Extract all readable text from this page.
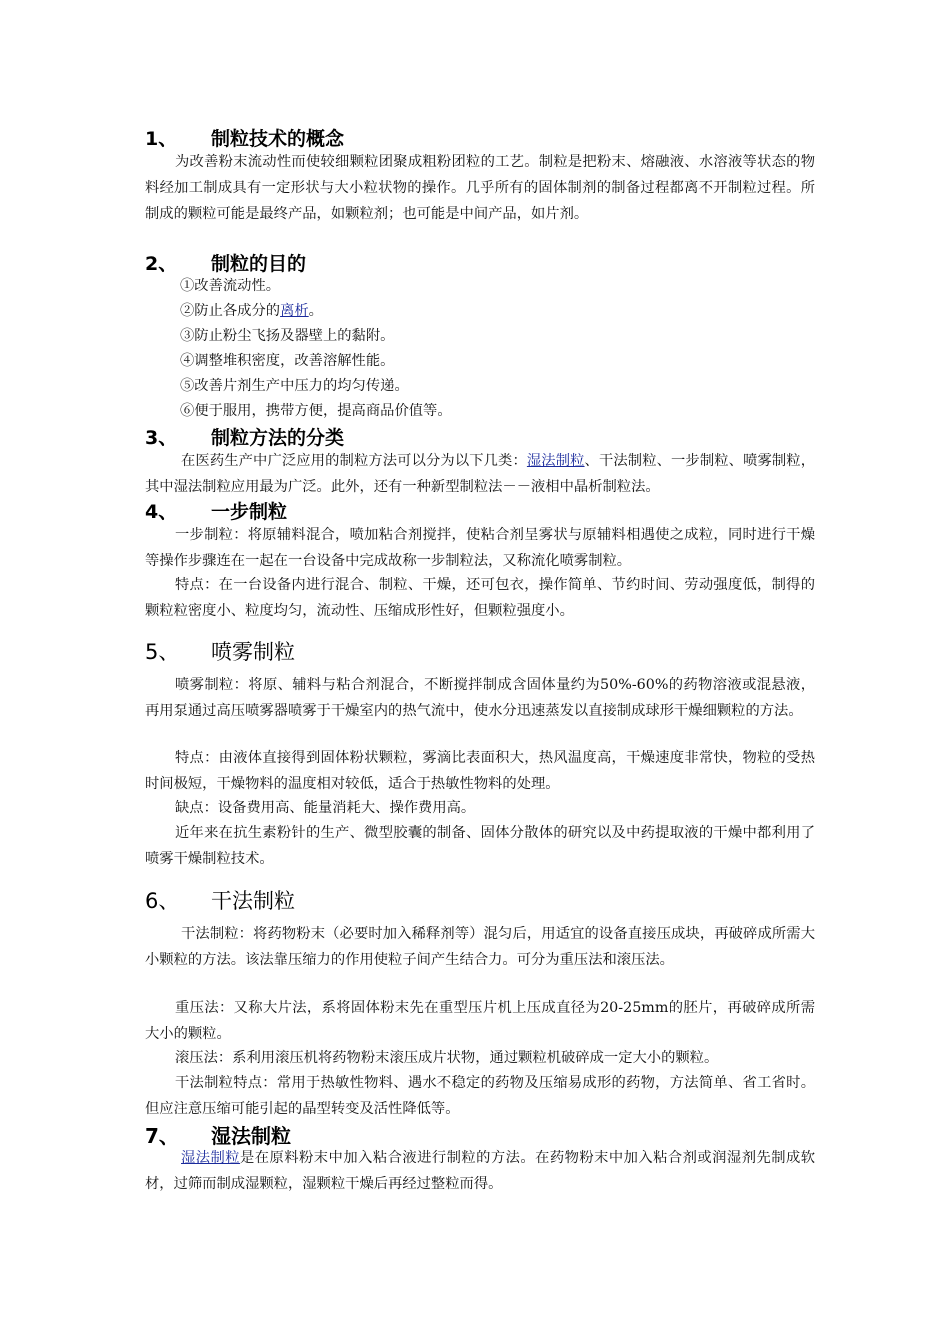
1、 制粒技术的概念
为改善粉末流动性而使较细颗粒团聚成粗粉团粒的工艺。制粒是把粉末、熔融液、水溶液等状态的物料经加工制成具有一定形状与大小粒状物的操作。几乎所有的固体制剂的制备过程都离不开制粒过程。所制成的颗粒可能是最终产品，如颗粒剂；也可能是中间产品，如片剂。
2、 制粒的目的
①改善流动性。
②防止各成分的离析。
③防止粉尘飞扬及器壁上的黏附。
④调整堆积密度，改善溶解性能。
⑤改善片剂生产中压力的均匀传递。
⑥便于服用，携带方便，提高商品价值等。
3、 制粒方法的分类
在医药生产中广泛应用的制粒方法可以分为以下几类：湿法制粒、干法制粒、一步制粒、喷雾制粒，其中湿法制粒应用最为广泛。此外，还有一种新型制粒法－－液相中晶析制粒法。
4、 一步制粒
一步制粒：将原辅料混合，喷加粘合剂搅拌，使粘合剂呈雾状与原辅料相遇使之成粒，同时进行干燥等操作步骤连在一起在一台设备中完成故称一步制粒法，又称流化喷雾制粒。
特点：在一台设备内进行混合、制粒、干燥，还可包衣，操作简单、节约时间、劳动强度低，制得的颗粒粒密度小、粒度均匀，流动性、压缩成形性好，但颗粒强度小。
5、 喷雾制粒
喷雾制粒：将原、辅料与粘合剂混合，不断搅拌制成含固体量约为50%-60%的药物溶液或混悬液，再用泵通过高压喷雾器喷雾于干燥室内的热气流中，使水分迅速蒸发以直接制成球形干燥细颗粒的方法。
特点：由液体直接得到固体粉状颗粒，雾滴比表面积大，热风温度高，干燥速度非常快，物粒的受热时间极短，干燥物料的温度相对较低，适合于热敏性物料的处理。
缺点：设备费用高、能量消耗大、操作费用高。
近年来在抗生素粉针的生产、微型胶囊的制备、固体分散体的研究以及中药提取液的干燥中都利用了喷雾干燥制粒技术。
6、 干法制粒
干法制粒：将药物粉末（必要时加入稀释剂等）混匀后，用适宜的设备直接压成块，再破碎成所需大小颗粒的方法。该法靠压缩力的作用使粒子间产生结合力。可分为重压法和滚压法。
重压法：又称大片法，系将固体粉末先在重型压片机上压成直径为20-25mm的胚片，再破碎成所需大小的颗粒。
滚压法：系利用滚压机将药物粉末滚压成片状物，通过颗粒机破碎成一定大小的颗粒。
干法制粒特点：常用于热敏性物料、遇水不稳定的药物及压缩易成形的药物，方法简单、省工省时。但应注意压缩可能引起的晶型转变及活性降低等。
7、 湿法制粒
湿法制粒是在原料粉末中加入粘合液进行制粒的方法。在药物粉末中加入粘合剂或润湿剂先制成软材，过筛而制成湿颗粒，湿颗粒干燥后再经过整粒而得。
